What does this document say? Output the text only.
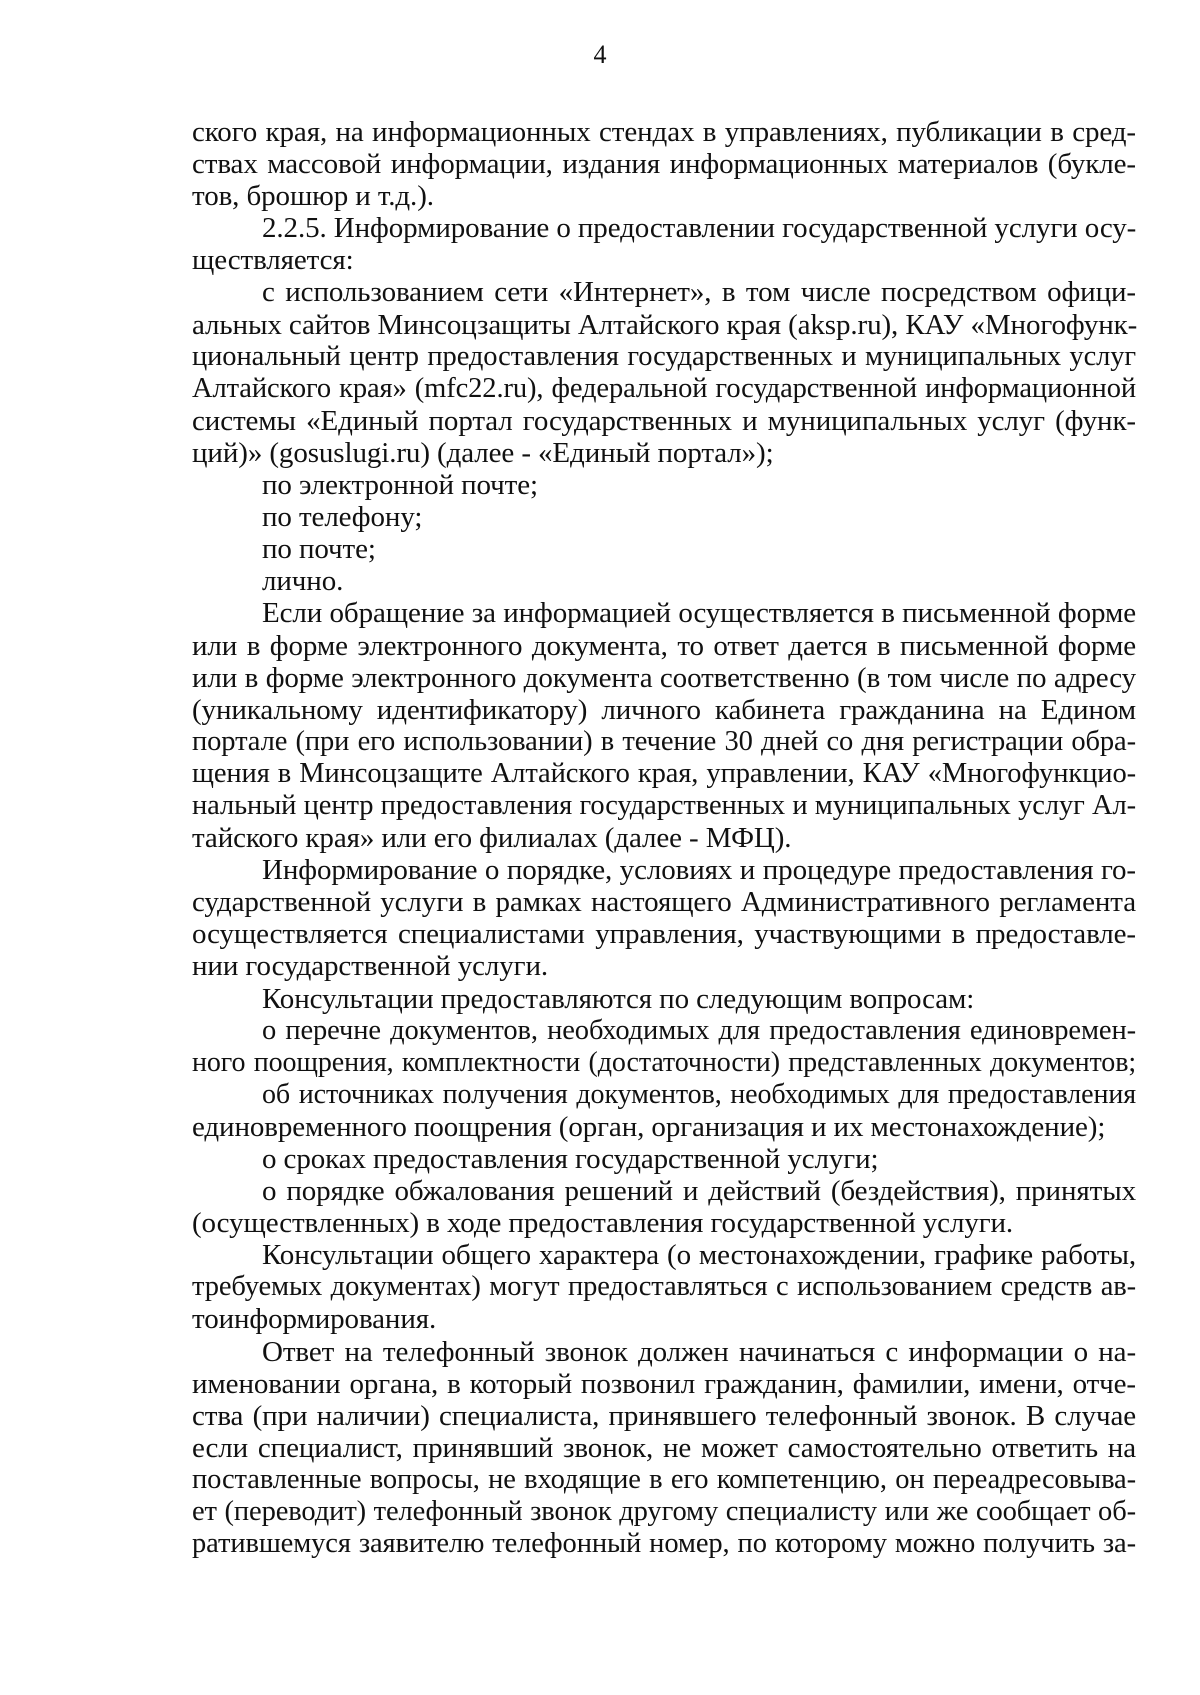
4
ского края, на информационных стендах в управлениях, публикации в сред-
ствах массовой информации, издания информационных материалов (букле-
тов, брошюр и т.д.).
2.2.5. Информирование о предоставлении государственной услуги осу-
ществляется:
с использованием сети «Интернет», в том числе посредством офици-
альных сайтов Минсоцзащиты Алтайского края (aksp.ru), КАУ «Многофунк-
циональный центр предоставления государственных и муниципальных услуг
Алтайского края» (mfc22.ru), федеральной государственной информационной
системы «Единый портал государственных и муниципальных услуг (функ-
ций)» (gosuslugi.ru) (далее - «Единый портал»);
по электронной почте;
по телефону;
по почте;
лично.
Если обращение за информацией осуществляется в письменной форме
или в форме электронного документа, то ответ дается в письменной форме
или в форме электронного документа соответственно (в том числе по адресу
(уникальному идентификатору) личного кабинета гражданина на Едином
портале (при его использовании) в течение 30 дней со дня регистрации обра-
щения в Минсоцзащите Алтайского края, управлении, КАУ «Многофункцио-
нальный центр предоставления государственных и муниципальных услуг Ал-
тайского края» или его филиалах (далее - МФЦ).
Информирование о порядке, условиях и процедуре предоставления го-
сударственной услуги в рамках настоящего Административного регламента
осуществляется специалистами управления, участвующими в предоставле-
нии государственной услуги.
Консультации предоставляются по следующим вопросам:
о перечне документов, необходимых для предоставления единовремен-
ного поощрения, комплектности (достаточности) представленных документов;
об источниках получения документов, необходимых для предоставления
единовременного поощрения (орган, организация и их местонахождение);
о сроках предоставления государственной услуги;
о порядке обжалования решений и действий (бездействия), принятых
(осуществленных) в ходе предоставления государственной услуги.
Консультации общего характера (о местонахождении, графике работы,
требуемых документах) могут предоставляться с использованием средств ав-
тоинформирования.
Ответ на телефонный звонок должен начинаться с информации о на-
именовании органа, в который позвонил гражданин, фамилии, имени, отче-
ства (при наличии) специалиста, принявшего телефонный звонок. В случае
если специалист, принявший звонок, не может самостоятельно ответить на
поставленные вопросы, не входящие в его компетенцию, он переадресовыва-
ет (переводит) телефонный звонок другому специалисту или же сообщает об-
ратившемуся заявителю телефонный номер, по которому можно получить за-
